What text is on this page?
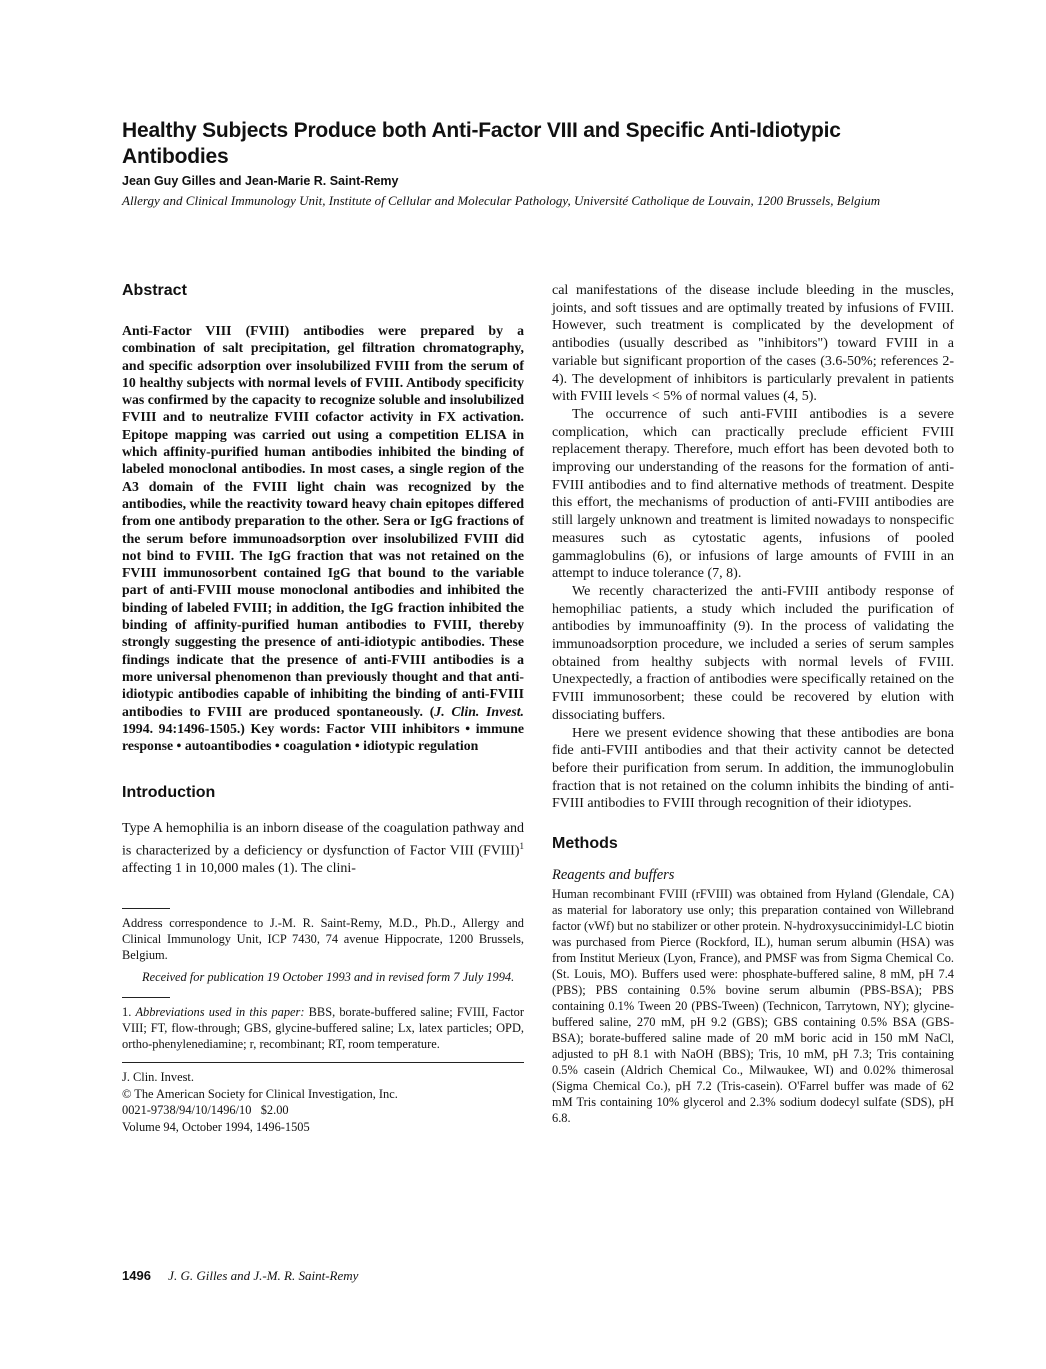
Healthy Subjects Produce both Anti-Factor VIII and Specific Anti-Idiotypic Antibodies
Jean Guy Gilles and Jean-Marie R. Saint-Remy
Allergy and Clinical Immunology Unit, Institute of Cellular and Molecular Pathology, Université Catholique de Louvain, 1200 Brussels, Belgium
Abstract

Anti-Factor VIII (FVIII) antibodies were prepared by a combination of salt precipitation, gel filtration chromatography, and specific adsorption over insolubilized FVIII from the serum of 10 healthy subjects with normal levels of FVIII. Antibody specificity was confirmed by the capacity to recognize soluble and insolubilized FVIII and to neutralize FVIII cofactor activity in FX activation. Epitope mapping was carried out using a competition ELISA in which affinity-purified human antibodies inhibited the binding of labeled monoclonal antibodies. In most cases, a single region of the A3 domain of the FVIII light chain was recognized by the antibodies, while the reactivity toward heavy chain epitopes differed from one antibody preparation to the other. Sera or IgG fractions of the serum before immunoadsorption over insolubilized FVIII did not bind to FVIII. The IgG fraction that was not retained on the FVIII immunosorbent contained IgG that bound to the variable part of anti-FVIII mouse monoclonal antibodies and inhibited the binding of labeled FVIII; in addition, the IgG fraction inhibited the binding of affinity-purified human antibodies to FVIII, thereby strongly suggesting the presence of anti-idiotypic antibodies. These findings indicate that the presence of anti-FVIII antibodies is a more universal phenomenon than previously thought and that anti-idiotypic antibodies capable of inhibiting the binding of anti-FVIII antibodies to FVIII are produced spontaneously. (J. Clin. Invest. 1994. 94:1496-1505.) Key words: Factor VIII inhibitors • immune response • autoantibodies • coagulation • idiotypic regulation

Introduction

Type A hemophilia is an inborn disease of the coagulation pathway and is characterized by a deficiency or dysfunction of Factor VIII (FVIII)$^1$ affecting 1 in 10,000 males (1). The clini-

Address correspondence to J.-M. R. Saint-Remy, M.D., Ph.D., Allergy and Clinical Immunology Unit, ICP 7430, 74 avenue Hippocrate, 1200 Brussels, Belgium.

Received for publication 19 October 1993 and in revised form 7 July 1994.

1. Abbreviations used in this paper: BBS, borate-buffered saline; FVIII, Factor VIII; FT, flow-through; GBS, glycine-buffered saline; Lx, latex particles; OPD, ortho-phenylenediamine; r, recombinant; RT, room temperature.

J. Clin. Invest.
© The American Society for Clinical Investigation, Inc.
0021-9738/94/10/1496/10   $2.00
Volume 94, October 1994, 1496-1505

cal manifestations of the disease include bleeding in the muscles, joints, and soft tissues and are optimally treated by infusions of FVIII. However, such treatment is complicated by the development of antibodies (usually described as "inhibitors") toward FVIII in a variable but significant proportion of the cases (3.6-50%; references 2-4). The development of inhibitors is particularly prevalent in patients with FVIII levels < 5% of normal values (4, 5).

The occurrence of such anti-FVIII antibodies is a severe complication, which can practically preclude efficient FVIII replacement therapy. Therefore, much effort has been devoted both to improving our understanding of the reasons for the formation of anti-FVIII antibodies and to find alternative methods of treatment. Despite this effort, the mechanisms of production of anti-FVIII antibodies are still largely unknown and treatment is limited nowadays to nonspecific measures such as cytostatic agents, infusions of pooled gammaglobulins (6), or infusions of large amounts of FVIII in an attempt to induce tolerance (7, 8).

We recently characterized the anti-FVIII antibody response of hemophiliac patients, a study which included the purification of antibodies by immunoaffinity (9). In the process of validating the immunoadsorption procedure, we included a series of serum samples obtained from healthy subjects with normal levels of FVIII. Unexpectedly, a fraction of antibodies were specifically retained on the FVIII immunosorbent; these could be recovered by elution with dissociating buffers.

Here we present evidence showing that these antibodies are bona fide anti-FVIII antibodies and that their activity cannot be detected before their purification from serum. In addition, the immunoglobulin fraction that is not retained on the column inhibits the binding of anti-FVIII antibodies to FVIII through recognition of their idiotypes.

Methods

Reagents and buffers

Human recombinant FVIII (rFVIII) was obtained from Hyland (Glendale, CA) as material for laboratory use only; this preparation contained von Willebrand factor (vWf) but no stabilizer or other protein. N-hydroxysuccinimidyl-LC biotin was purchased from Pierce (Rockford, IL), human serum albumin (HSA) was from Institut Merieux (Lyon, France), and PMSF was from Sigma Chemical Co. (St. Louis, MO). Buffers used were: phosphate-buffered saline, 8 mM, pH 7.4 (PBS); PBS containing 0.5% bovine serum albumin (PBS-BSA); PBS containing 0.1% Tween 20 (PBS-Tween) (Technicon, Tarrytown, NY); glycine-buffered saline, 270 mM, pH 9.2 (GBS); GBS containing 0.5% BSA (GBS-BSA); borate-buffered saline made of 20 mM boric acid in 150 mM NaCl, adjusted to pH 8.1 with NaOH (BBS); Tris, 10 mM, pH 7.3; Tris containing 0.5% casein (Aldrich Chemical Co., Milwaukee, WI) and 0.02% thimerosal (Sigma Chemical Co.), pH 7.2 (Tris-casein). O'Farrel buffer was made of 62 mM Tris containing 10% glycerol and 2.3% sodium dodecyl sulfate (SDS), pH 6.8.

1496 J. G. Gilles and J.-M. R. Saint-Remy
